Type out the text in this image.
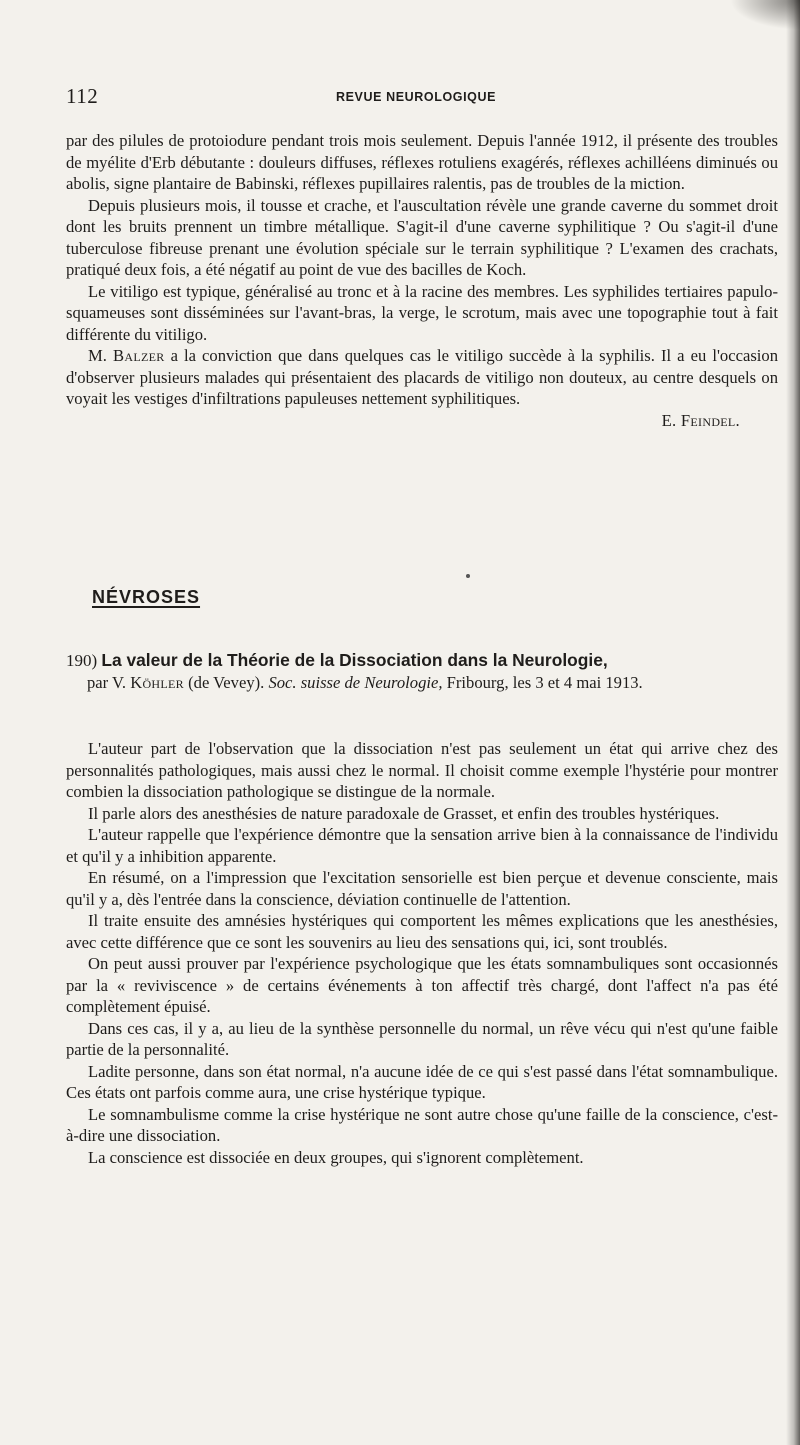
112	REVUE NEUROLOGIQUE

par des pilules de protoiodure pendant trois mois seulement. Depuis l'année 1912, il présente des troubles de myélite d'Erb débutante : douleurs diffuses, réflexes rotuliens exagérés, réflexes achilléens diminués ou abolis, signe plantaire de Babinski, réflexes pupillaires ralentis, pas de troubles de la miction.

Depuis plusieurs mois, il tousse et crache, et l'auscultation révèle une grande caverne du sommet droit dont les bruits prennent un timbre métallique. S'agit-il d'une caverne syphilitique ? Ou s'agit-il d'une tuberculose fibreuse prenant une évolution spéciale sur le terrain syphilitique ? L'examen des crachats, pratiqué deux fois, a été négatif au point de vue des bacilles de Koch.

Le vitiligo est typique, généralisé au tronc et à la racine des membres. Les syphilides tertiaires papulo-squameuses sont disséminées sur l'avant-bras, la verge, le scrotum, mais avec une topographie tout à fait différente du vitiligo.

M. Balzer a la conviction que dans quelques cas le vitiligo succède à la syphilis. Il a eu l'occasion d'observer plusieurs malades qui présentaient des placards de vitiligo non douteux, au centre desquels on voyait les vestiges d'infiltrations papuleuses nettement syphilitiques.

E. Feindel.

NÉVROSES
190) La valeur de la Théorie de la Dissociation dans la Neurologie,
par V. Köhler (de Vevey). Soc. suisse de Neurologie, Fribourg, les 3 et 4 mai 1913.

L'auteur part de l'observation que la dissociation n'est pas seulement un état qui arrive chez des personnalités pathologiques, mais aussi chez le normal. Il choisit comme exemple l'hystérie pour montrer combien la dissociation pathologique se distingue de la normale.

Il parle alors des anesthésies de nature paradoxale de Grasset, et enfin des troubles hystériques.

L'auteur rappelle que l'expérience démontre que la sensation arrive bien à la connaissance de l'individu et qu'il y a inhibition apparente.

En résumé, on a l'impression que l'excitation sensorielle est bien perçue et devenue consciente, mais qu'il y a, dès l'entrée dans la conscience, déviation continuelle de l'attention.

Il traite ensuite des amnésies hystériques qui comportent les mêmes explications que les anesthésies, avec cette différence que ce sont les souvenirs au lieu des sensations qui, ici, sont troublés.

On peut aussi prouver par l'expérience psychologique que les états somnambuliques sont occasionnés par la « reviviscence » de certains événements à ton affectif très chargé, dont l'affect n'a pas été complètement épuisé.

Dans ces cas, il y a, au lieu de la synthèse personnelle du normal, un rêve vécu qui n'est qu'une faible partie de la personnalité.

Ladite personne, dans son état normal, n'a aucune idée de ce qui s'est passé dans l'état somnambulique. Ces états ont parfois comme aura, une crise hystérique typique.

Le somnambulisme comme la crise hystérique ne sont autre chose qu'une faille de la conscience, c'est-à-dire une dissociation.

La conscience est dissociée en deux groupes, qui s'ignorent complètement.
